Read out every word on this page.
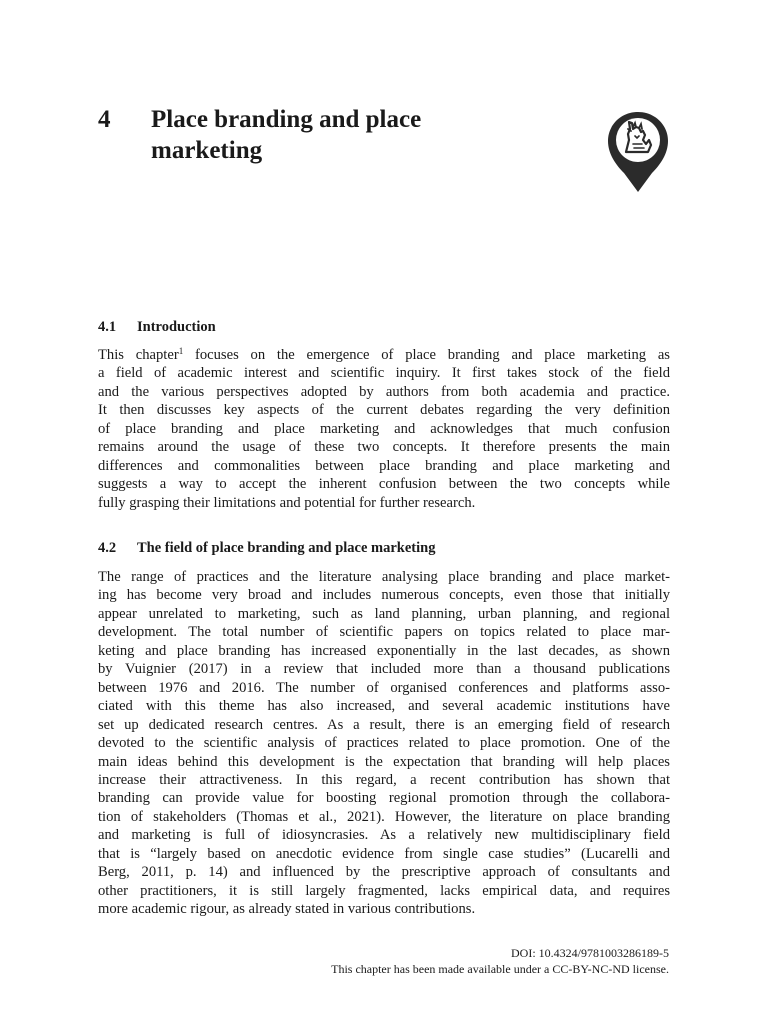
4 Place branding and place
marketing
4.1 Introduction
This chapter$^1$ focuses on the emergence of place branding and place marketing as
a field of academic interest and scientific inquiry. It first takes stock of the field
and the various perspectives adopted by authors from both academia and practice.
It then discusses key aspects of the current debates regarding the very definition
of place branding and place marketing and acknowledges that much confusion
remains around the usage of these two concepts. It therefore presents the main
differences and commonalities between place branding and place marketing and
suggests a way to accept the inherent confusion between the two concepts while
fully grasping their limitations and potential for further research.
4.2 The field of place branding and place marketing
The range of practices and the literature analysing place branding and place market-
ing has become very broad and includes numerous concepts, even those that initially
appear unrelated to marketing, such as land planning, urban planning, and regional
development. The total number of scientific papers on topics related to place mar-
keting and place branding has increased exponentially in the last decades, as shown
by Vuignier (2017) in a review that included more than a thousand publications
between 1976 and 2016. The number of organised conferences and platforms asso-
ciated with this theme has also increased, and several academic institutions have
set up dedicated research centres. As a result, there is an emerging field of research
devoted to the scientific analysis of practices related to place promotion. One of the
main ideas behind this development is the expectation that branding will help places
increase their attractiveness. In this regard, a recent contribution has shown that
branding can provide value for boosting regional promotion through the collabora-
tion of stakeholders (Thomas et al., 2021). However, the literature on place branding
and marketing is full of idiosyncrasies. As a relatively new multidisciplinary field
that is “largely based on anecdotic evidence from single case studies” (Lucarelli and
Berg, 2011, p. 14) and influenced by the prescriptive approach of consultants and
other practitioners, it is still largely fragmented, lacks empirical data, and requires
more academic rigour, as already stated in various contributions.
DOI: 10.4324/9781003286189-5
This chapter has been made available under a CC-BY-NC-ND license.
